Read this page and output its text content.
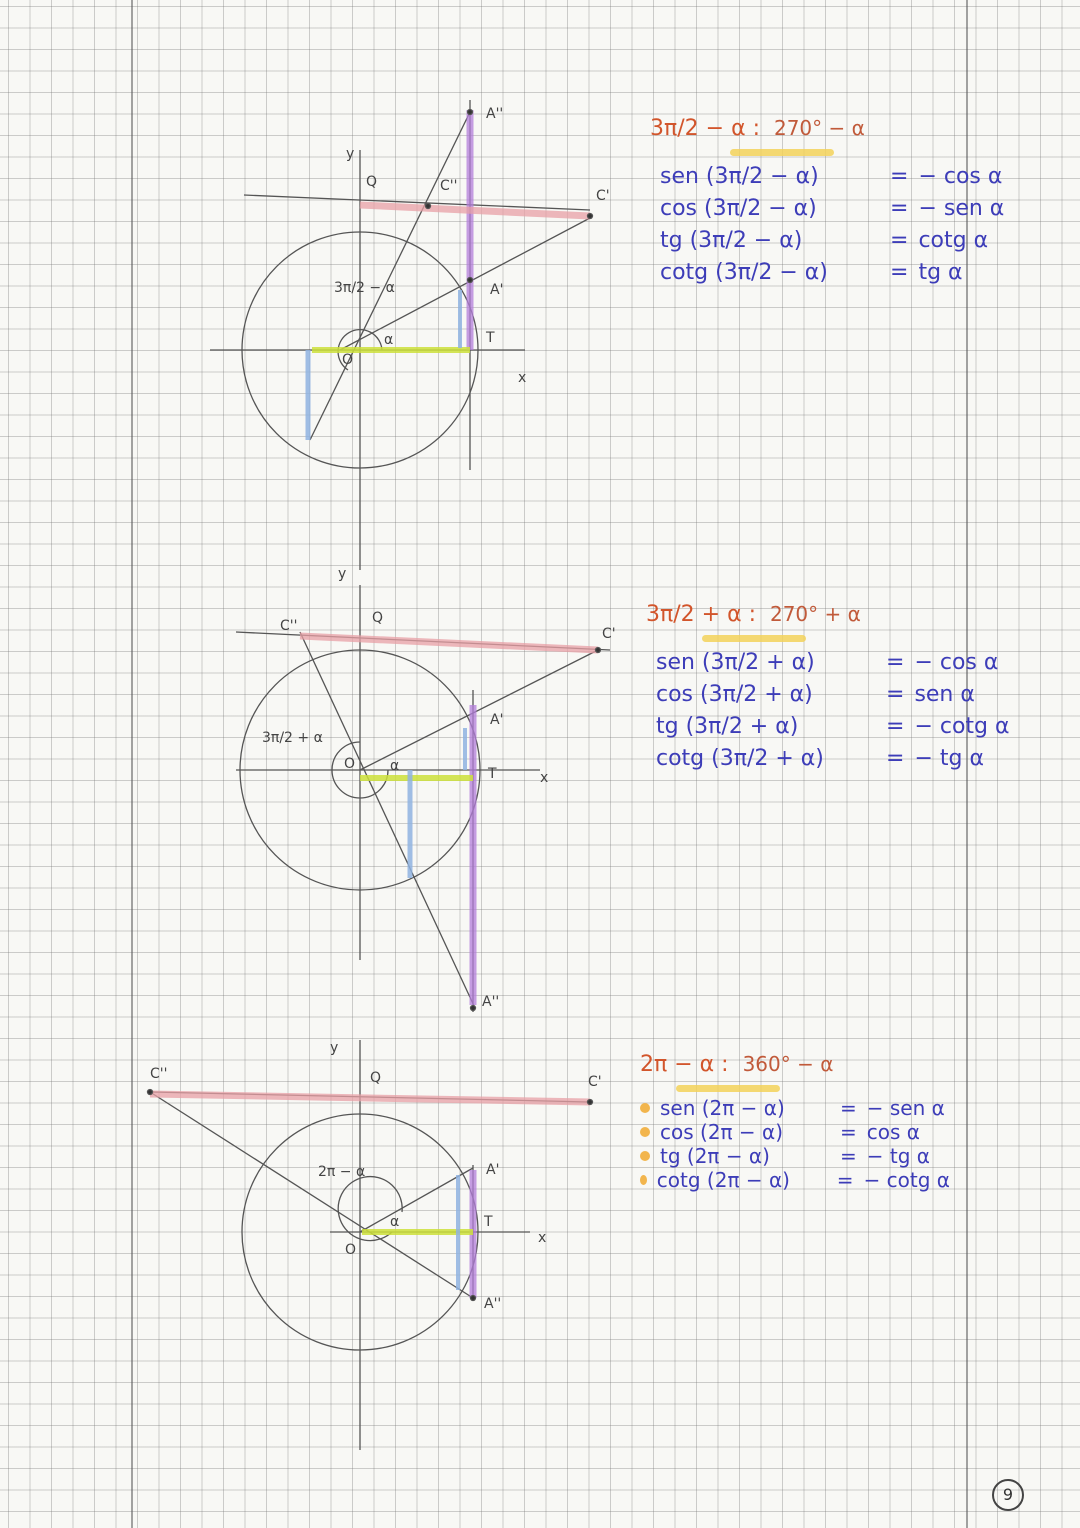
y
x
O
Q
T
A''
A'
C'
C''
α
3π/2 − α
y
x
O
Q
T
A'
A''
C'
C''
α
3π/2 + α
y
x
O
Q
T
A'
A''
C'
C''
α
2π − α
3π/2 − α : 270° − α
sen (3π/2 − α)	= − cos α
cos (3π/2 − α)	= − sen α
tg (3π/2 − α)	= cotg α
cotg (3π/2 − α)	= tg α
3π/2 + α : 270° + α
sen (3π/2 + α)	= − cos α
cos (3π/2 + α)	= sen α
tg (3π/2 + α)	= − cotg α
cotg (3π/2 + α)	= − tg α
2π − α : 360° − α
sen (2π − α)	= − sen α
cos (2π − α)	= cos α
tg (2π − α)	= − tg α
cotg (2π − α)	= − cotg α
9
